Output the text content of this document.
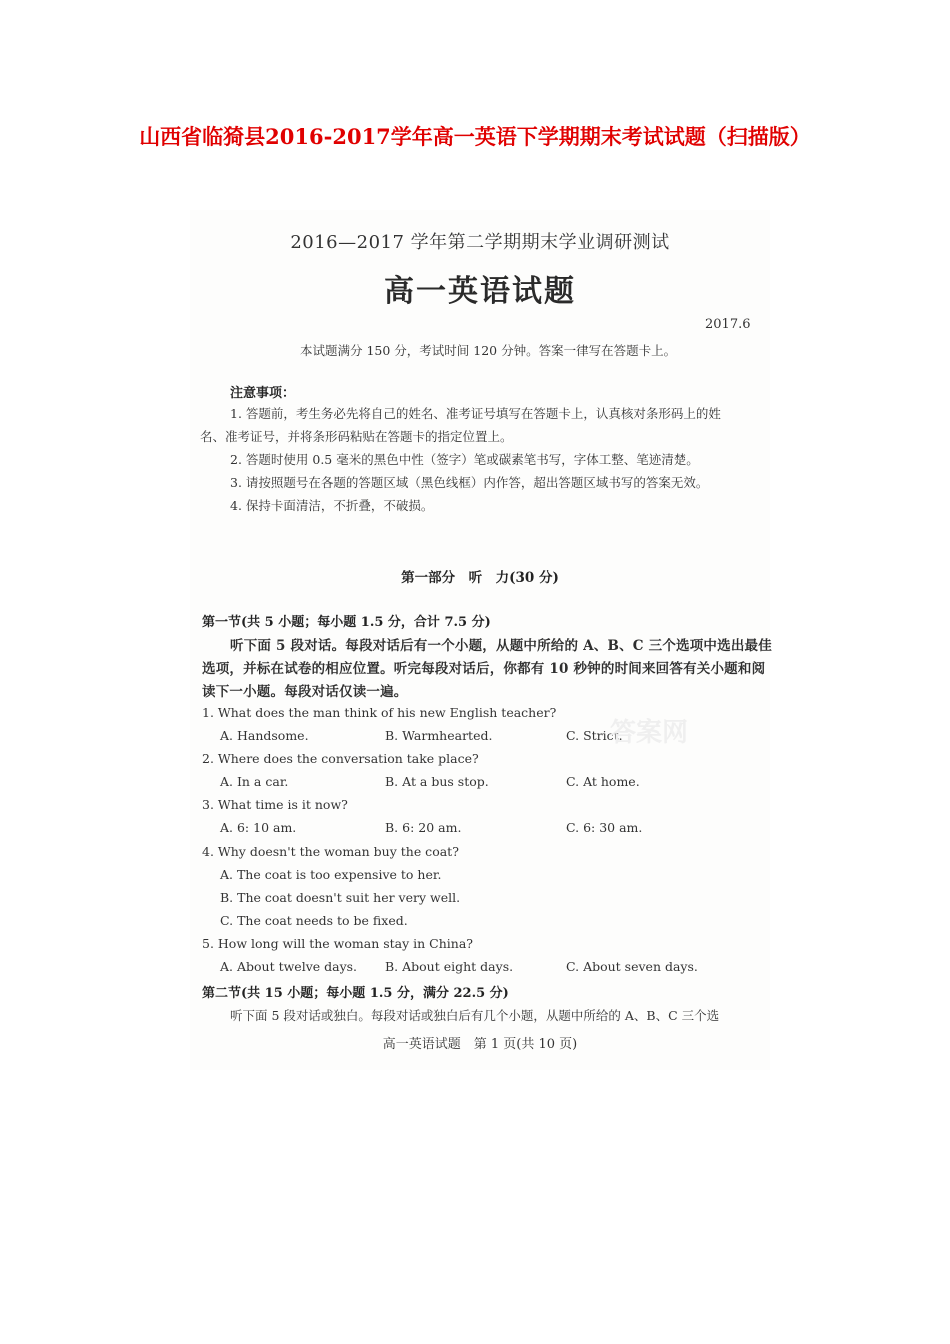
山西省临猗县2016-2017学年高一英语下学期期末考试试题（扫描版）
2016—2017 学年第二学期期末学业调研测试
高一英语试题
2017.6
本试题满分 150 分，考试时间 120 分钟。答案一律写在答题卡上。
注意事项：
1. 答题前，考生务必先将自己的姓名、准考证号填写在答题卡上，认真核对条形码上的姓
名、准考证号，并将条形码粘贴在答题卡的指定位置上。
2. 答题时使用 0.5 毫米的黑色中性（签字）笔或碳素笔书写，字体工整、笔迹清楚。
3. 请按照题号在各题的答题区域（黑色线框）内作答，超出答题区域书写的答案无效。
4. 保持卡面清洁，不折叠，不破损。
第一部分　听　力(30 分)
第一节(共 5 小题；每小题 1.5 分，合计 7.5 分)
听下面 5 段对话。每段对话后有一个小题，从题中所给的 A、B、C 三个选项中选出最佳
选项，并标在试卷的相应位置。听完每段对话后，你都有 10 秒钟的时间来回答有关小题和阅
读下一小题。每段对话仅读一遍。
1. What does the man think of his new English teacher?
A. Handsome.	B. Warmhearted.	C. Strict.
2. Where does the conversation take place?
A. In a car.	B. At a bus stop.	C. At home.
3. What time is it now?
A. 6: 10 am.	B. 6: 20 am.	C. 6: 30 am.
4. Why doesn't the woman buy the coat?
A. The coat is too expensive to her.
B. The coat doesn't suit her very well.
C. The coat needs to be fixed.
5. How long will the woman stay in China?
A. About twelve days. B. About eight days.	C. About seven days.
第二节(共 15 小题；每小题 1.5 分，满分 22.5 分)
听下面 5 段对话或独白。每段对话或独白后有几个小题，从题中所给的 A、B、C 三个选
高一英语试题　第 1 页(共 10 页)
答案网
